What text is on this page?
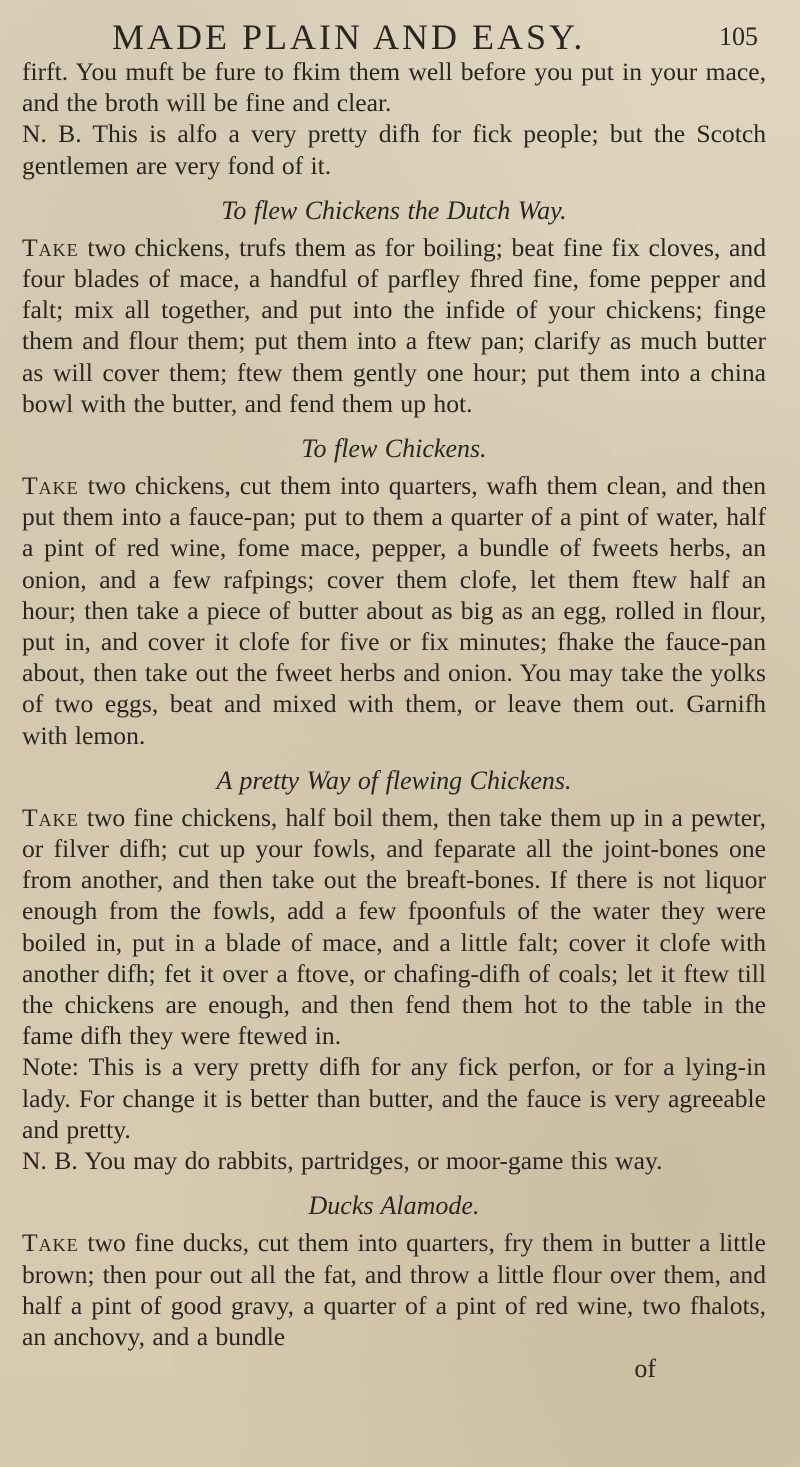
MADE PLAIN AND EASY.	105

firft. You muft be fure to fkim them well before you put in your mace, and the broth will be fine and clear.

N. B. This is alfo a very pretty difh for fick people; but the Scotch gentlemen are very fond of it.

To flew Chickens the Dutch Way.

Take two chickens, trufs them as for boiling; beat fine fix cloves, and four blades of mace, a handful of parfley fhred fine, fome pepper and falt; mix all together, and put into the infide of your chickens; finge them and flour them; put them into a ftew pan; clarify as much butter as will cover them; ftew them gently one hour; put them into a china bowl with the butter, and fend them up hot.

To flew Chickens.

Take two chickens, cut them into quarters, wafh them clean, and then put them into a fauce-pan; put to them a quarter of a pint of water, half a pint of red wine, fome mace, pepper, a bundle of fweets herbs, an onion, and a few rafpings; cover them clofe, let them ftew half an hour; then take a piece of butter about as big as an egg, rolled in flour, put in, and cover it clofe for five or fix minutes; fhake the fauce-pan about, then take out the fweet herbs and onion. You may take the yolks of two eggs, beat and mixed with them, or leave them out. Garnifh with lemon.

A pretty Way of flewing Chickens.

Take two fine chickens, half boil them, then take them up in a pewter, or filver difh; cut up your fowls, and feparate all the joint-bones one from another, and then take out the breaft-bones. If there is not liquor enough from the fowls, add a few fpoonfuls of the water they were boiled in, put in a blade of mace, and a little falt; cover it clofe with another difh; fet it over a ftove, or chafing-difh of coals; let it ftew till the chickens are enough, and then fend them hot to the table in the fame difh they were ftewed in.

Note: This is a very pretty difh for any fick perfon, or for a lying-in lady. For change it is better than butter, and the fauce is very agreeable and pretty.

N. B. You may do rabbits, partridges, or moor-game this way.

Ducks Alamode.

Take two fine ducks, cut them into quarters, fry them in butter a little brown; then pour out all the fat, and throw a little flour over them, and half a pint of good gravy, a quarter of a pint of red wine, two fhalots, an anchovy, and a bundle

of
